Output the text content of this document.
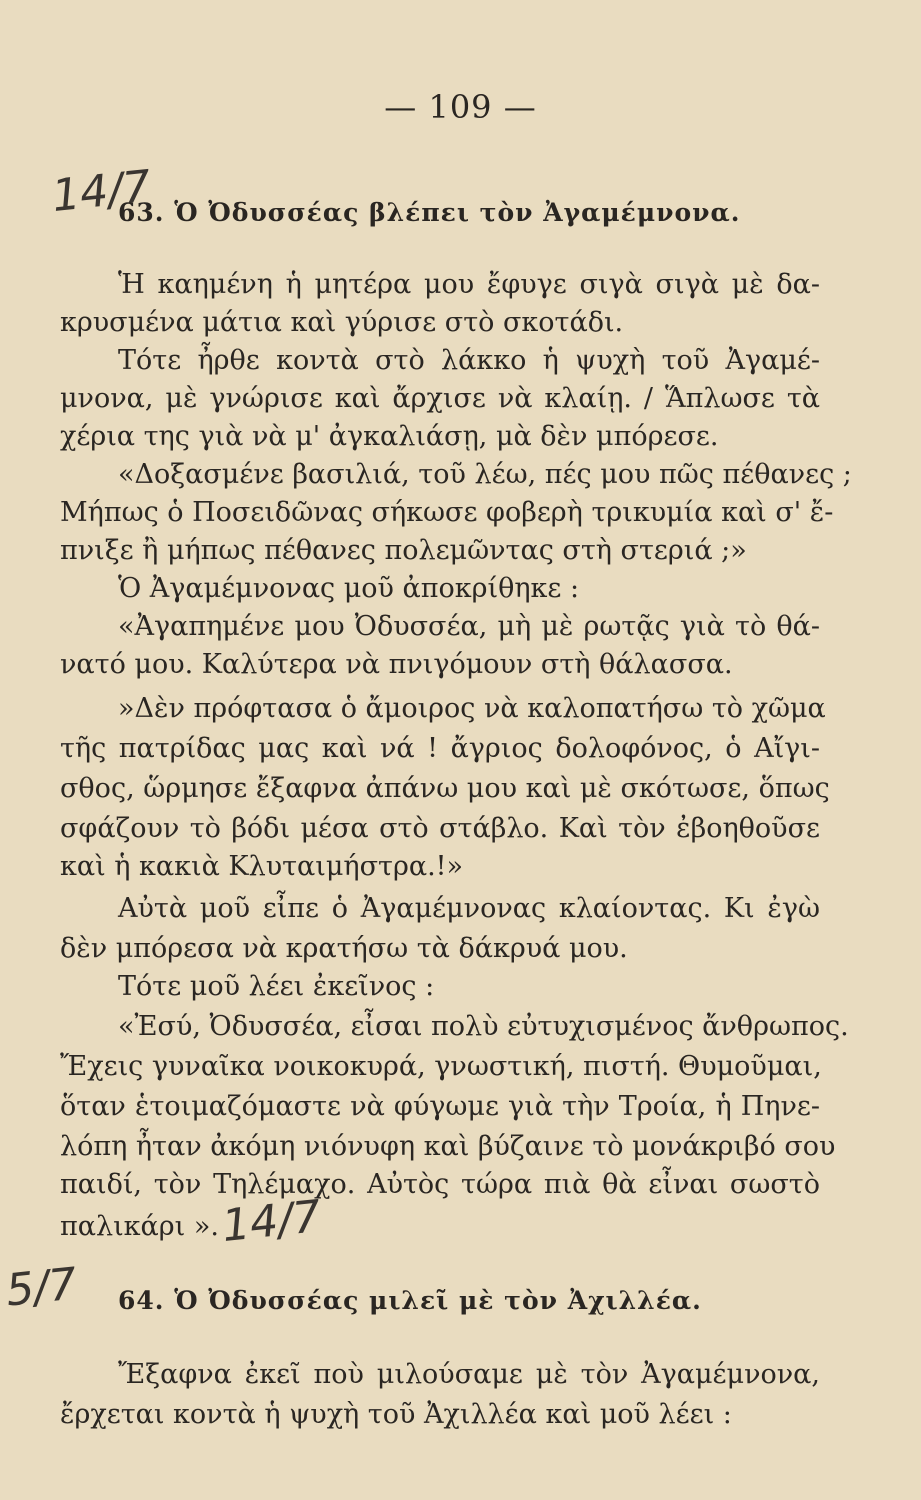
— 109 —
14/7
63. Ὁ Ὀδυσσέας βλέπει τὸν Ἀγαμέμνονα.
Ἡ καημένη ἡ μητέρα μου ἔφυγε σιγὰ σιγὰ μὲ δα-
κρυσμένα μάτια καὶ γύρισε στὸ σκοτάδι.
Τότε ἦρθε κοντὰ στὸ λάκκο ἡ ψυχὴ τοῦ Ἀγαμέ-
μνονα, μὲ γνώρισε καὶ ἄρχισε νὰ κλαίῃ. / Ἅπλωσε τὰ
χέρια της γιὰ νὰ μ' ἀγκαλιάσῃ, μὰ δὲν μπόρεσε.
«Δοξασμένε βασιλιά, τοῦ λέω, πές μου πῶς πέθανες ;
Μήπως ὁ Ποσειδῶνας σήκωσε φοβερὴ τρικυμία καὶ σ' ἔ-
πνιξε ἢ μήπως πέθανες πολεμῶντας στὴ στεριά ;»
Ὁ Ἀγαμέμνονας μοῦ ἀποκρίθηκε :
«Ἀγαπημένε μου Ὀδυσσέα, μὴ μὲ ρωτᾷς γιὰ τὸ θά-
νατό μου. Καλύτερα νὰ πνιγόμουν στὴ θάλασσα.
»Δὲν πρόφτασα ὁ ἄμοιρος νὰ καλοπατήσω τὸ χῶμα
τῆς πατρίδας μας καὶ νά ! ἄγριος δολοφόνος, ὁ Αἴγι-
σθος, ὥρμησε ἔξαφνα ἀπάνω μου καὶ μὲ σκότωσε, ὅπως
σφάζουν τὸ βόδι μέσα στὸ στάβλο. Καὶ τὸν ἐβοηθοῦσε
καὶ ἡ κακιὰ Κλυταιμήστρα.!»
Αὐτὰ μοῦ εἶπε ὁ Ἀγαμέμνονας κλαίοντας. Κι ἐγὼ
δὲν μπόρεσα νὰ κρατήσω τὰ δάκρυά μου.
Τότε μοῦ λέει ἐκεῖνος :
«Ἐσύ, Ὀδυσσέα, εἶσαι πολὺ εὐτυχισμένος ἄνθρωπος.
Ἔχεις γυναῖκα νοικοκυρά, γνωστική, πιστή. Θυμοῦμαι,
ὅταν ἑτοιμαζόμαστε νὰ φύγωμε γιὰ τὴν Τροία, ἡ Πηνε-
λόπη ἦταν ἀκόμη νιόνυφη καὶ βύζαινε τὸ μονάκριβό σου
παιδί, τὸν Τηλέμαχο. Αὐτὸς τώρα πιὰ θὰ εἶναι σωστὸ
παλικάρι ». 14/7
5/7 64. Ὁ Ὀδυσσέας μιλεῖ μὲ τὸν Ἀχιλλέα.
Ἔξαφνα ἐκεῖ ποὺ μιλούσαμε μὲ τὸν Ἀγαμέμνονα,
ἔρχεται κοντὰ ἡ ψυχὴ τοῦ Ἀχιλλέα καὶ μοῦ λέει :
